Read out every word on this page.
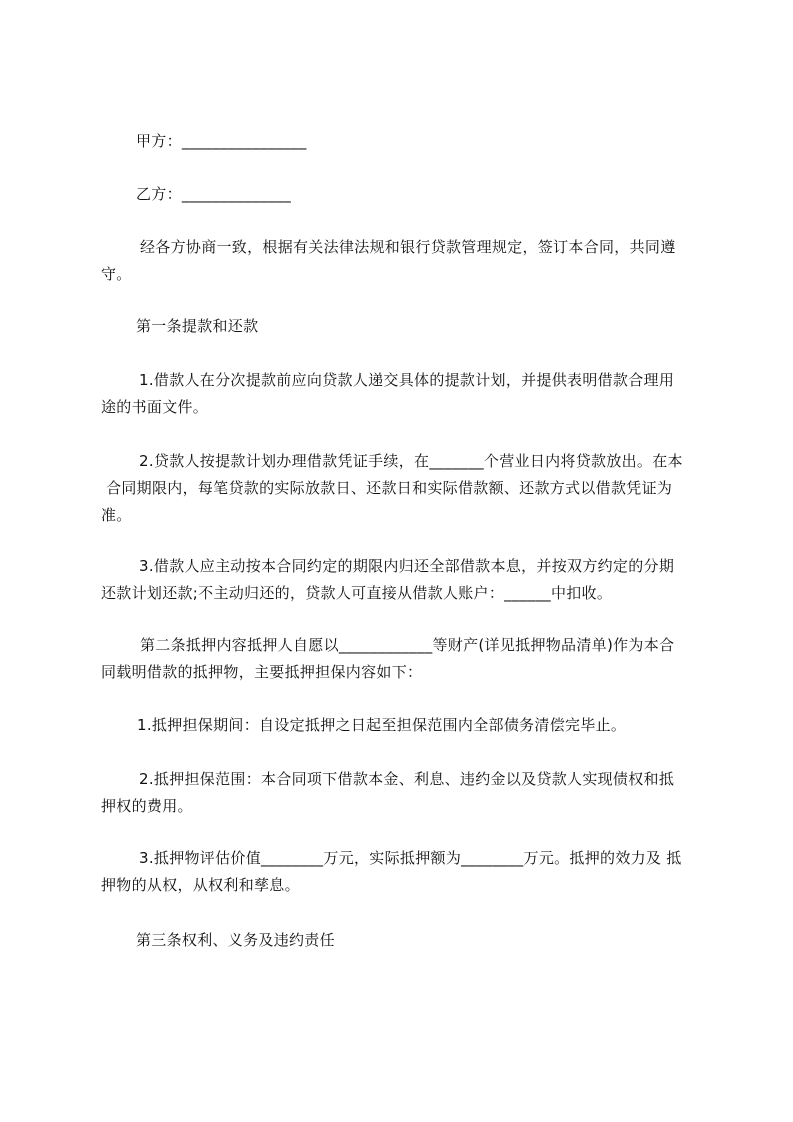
甲方：________________
乙方：______________
经各方协商一致，根据有关法律法规和银行贷款管理规定，签订本合同，共同遵
守。
第一条提款和还款
1.借款人在分次提款前应向贷款人递交具体的提款计划，并提供表明借款合理用
途的书面文件。
2.贷款人按提款计划办理借款凭证手续，在_______个营业日内将贷款放出。在本
合同期限内，每笔贷款的实际放款日、还款日和实际借款额、还款方式以借款凭证为
准。
3.借款人应主动按本合同约定的期限内归还全部借款本息，并按双方约定的分期
还款计划还款;不主动归还的，贷款人可直接从借款人账户：______中扣收。
第二条抵押内容抵押人自愿以____________等财产(详见抵押物品清单)作为本合
同载明借款的抵押物，主要抵押担保内容如下：
1.抵押担保期间：自设定抵押之日起至担保范围内全部债务清偿完毕止。
2.抵押担保范围：本合同项下借款本金、利息、违约金以及贷款人实现债权和抵
押权的费用。
3.抵押物评估价值________万元，实际抵押额为________万元。抵押的效力及 抵
押物的从权，从权利和孳息。
第三条权利、义务及违约责任
